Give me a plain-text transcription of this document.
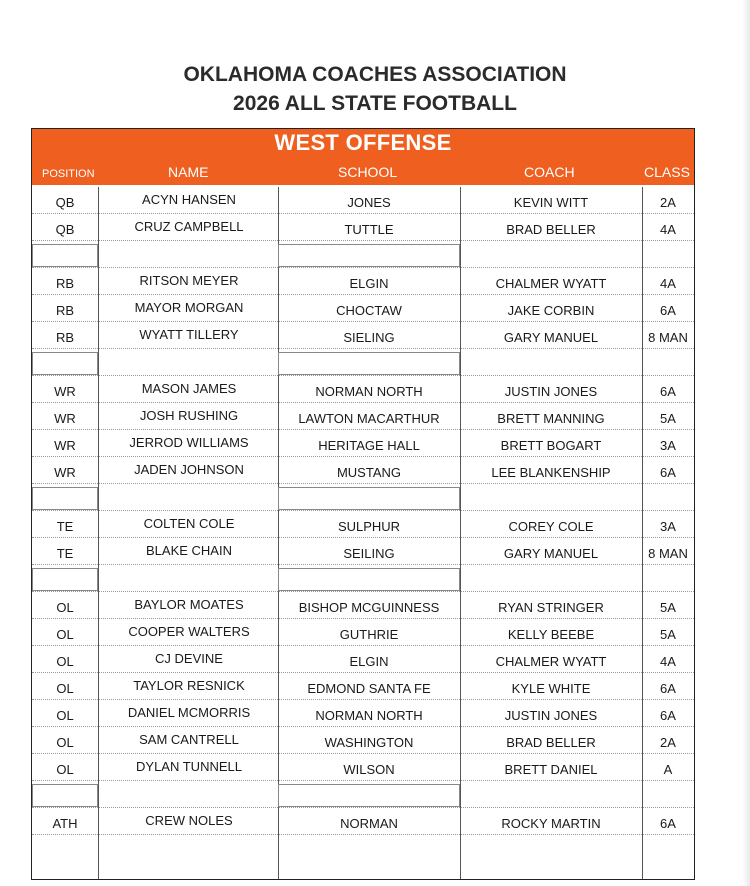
OKLAHOMA COACHES ASSOCIATION
2026 ALL STATE FOOTBALL
WEST OFFENSE
POSITION	NAME	SCHOOL	COACH	CLASS
QB	ACYN HANSEN	JONES	KEVIN WITT	2A
QB	CRUZ CAMPBELL	TUTTLE	BRAD BELLER	4A
RB	RITSON MEYER	ELGIN	CHALMER WYATT	4A
RB	MAYOR MORGAN	CHOCTAW	JAKE CORBIN	6A
RB	WYATT TILLERY	SIELING	GARY MANUEL	8 MAN
WR	MASON JAMES	NORMAN NORTH	JUSTIN JONES	6A
WR	JOSH RUSHING	LAWTON MACARTHUR	BRETT MANNING	5A
WR	JERROD WILLIAMS	HERITAGE HALL	BRETT BOGART	3A
WR	JADEN JOHNSON	MUSTANG	LEE BLANKENSHIP	6A
TE	COLTEN COLE	SULPHUR	COREY COLE	3A
TE	BLAKE CHAIN	SEILING	GARY MANUEL	8 MAN
OL	BAYLOR MOATES	BISHOP MCGUINNESS	RYAN STRINGER	5A
OL	COOPER WALTERS	GUTHRIE	KELLY BEEBE	5A
OL	CJ DEVINE	ELGIN	CHALMER WYATT	4A
OL	TAYLOR RESNICK	EDMOND SANTA FE	KYLE WHITE	6A
OL	DANIEL MCMORRIS	NORMAN NORTH	JUSTIN JONES	6A
OL	SAM CANTRELL	WASHINGTON	BRAD BELLER	2A
OL	DYLAN TUNNELL	WILSON	BRETT DANIEL	A
ATH	CREW NOLES	NORMAN	ROCKY MARTIN	6A
